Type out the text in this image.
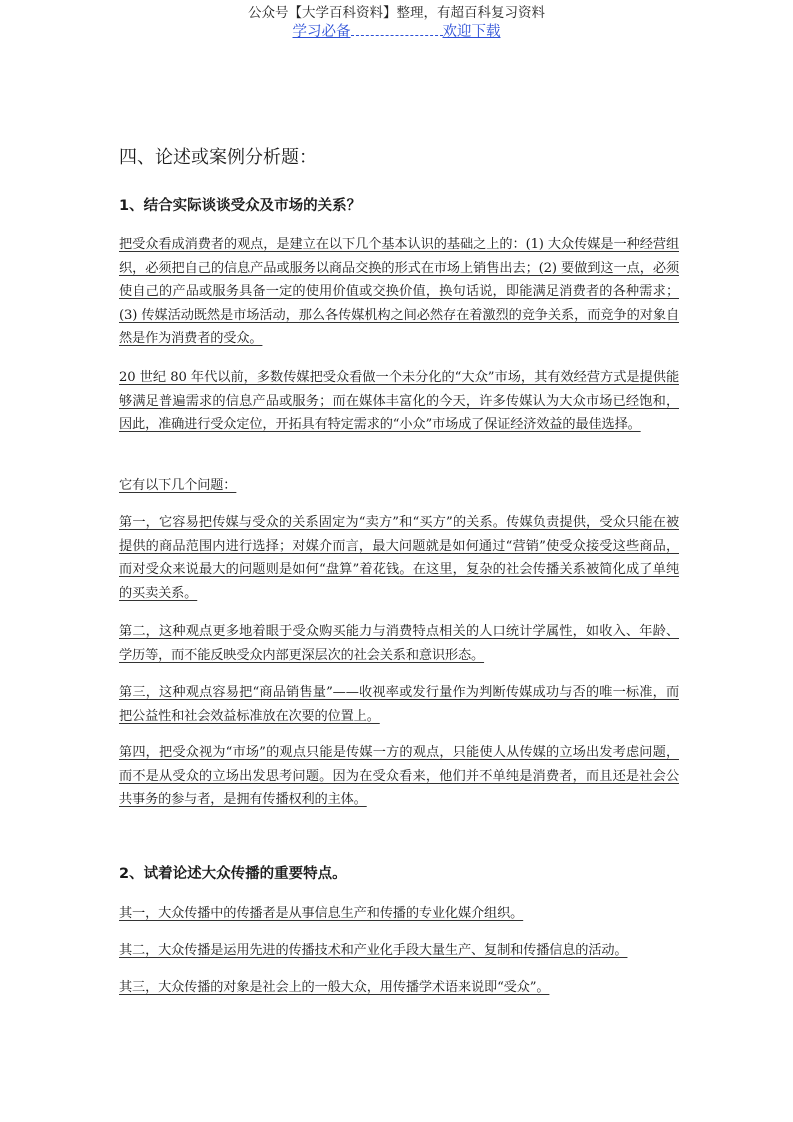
公众号【大学百科资料】整理，有超百科复习资料
学习必备	欢迎下载
四、论述或案例分析题：
1、结合实际谈谈受众及市场的关系？
把受众看成消费者的观点，是建立在以下几个基本认识的基础之上的：(1) 大众传媒是一种经营组织，必须把自己的信息产品或服务以商品交换的形式在市场上销售出去；(2) 要做到这一点，必须使自己的产品或服务具备一定的使用价值或交换价值，换句话说，即能满足消费者的各种需求；(3) 传媒活动既然是市场活动，那么各传媒机构之间必然存在着激烈的竞争关系，而竞争的对象自然是作为消费者的受众。
20 世纪 80 年代以前，多数传媒把受众看做一个未分化的“大众”市场，其有效经营方式是提供能够满足普遍需求的信息产品或服务；而在媒体丰富化的今天，许多传媒认为大众市场已经饱和，因此，准确进行受众定位，开拓具有特定需求的“小众”市场成了保证经济效益的最佳选择。
它有以下几个问题：
第一，它容易把传媒与受众的关系固定为“卖方”和“买方”的关系。传媒负责提供，受众只能在被提供的商品范围内进行选择；对媒介而言，最大问题就是如何通过“营销”使受众接受这些商品，而对受众来说最大的问题则是如何“盘算”着花钱。在这里，复杂的社会传播关系被简化成了单纯的买卖关系。
第二，这种观点更多地着眼于受众购买能力与消费特点相关的人口统计学属性，如收入、年龄、学历等，而不能反映受众内部更深层次的社会关系和意识形态。
第三，这种观点容易把“商品销售量”——收视率或发行量作为判断传媒成功与否的唯一标准，而把公益性和社会效益标准放在次要的位置上。
第四，把受众视为“市场”的观点只能是传媒一方的观点，只能使人从传媒的立场出发考虑问题，而不是从受众的立场出发思考问题。因为在受众看来，他们并不单纯是消费者，而且还是社会公共事务的参与者，是拥有传播权利的主体。
2、试着论述大众传播的重要特点。
其一，大众传播中的传播者是从事信息生产和传播的专业化媒介组织。
其二，大众传播是运用先进的传播技术和产业化手段大量生产、复制和传播信息的活动。
其三，大众传播的对象是社会上的一般大众，用传播学术语来说即“受众”。
